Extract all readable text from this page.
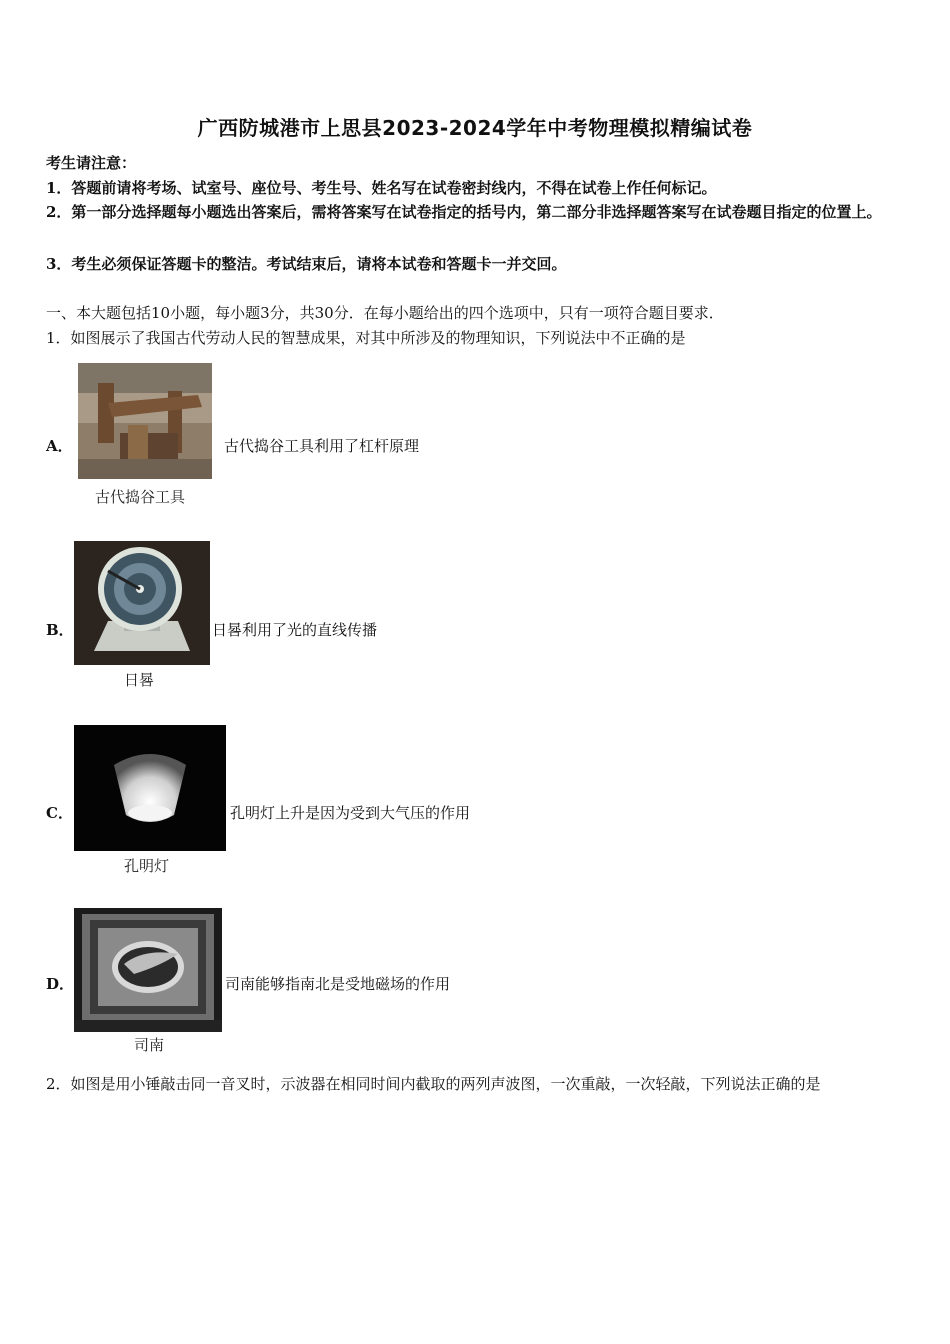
广西防城港市上思县2023-2024学年中考物理模拟精编试卷
考生请注意：
1．答题前请将考场、试室号、座位号、考生号、姓名写在试卷密封线内，不得在试卷上作任何标记。
2．第一部分选择题每小题选出答案后，需将答案写在试卷指定的括号内，第二部分非选择题答案写在试卷题目指定的位置上。
3．考生必须保证答题卡的整洁。考试结束后，请将本试卷和答题卡一并交回。
一、本大题包括10小题，每小题3分，共30分．在每小题给出的四个选项中，只有一项符合题目要求．
1．如图展示了我国古代劳动人民的智慧成果，对其中所涉及的物理知识，下列说法中不正确的是
A．
古代捣谷工具
古代捣谷工具利用了杠杆原理
B．
日晷
日晷利用了光的直线传播
C．
孔明灯
孔明灯上升是因为受到大气压的作用
D．
司南
司南能够指南北是受地磁场的作用
2．如图是用小锤敲击同一音叉时，示波器在相同时间内截取的两列声波图，一次重敲，一次轻敲，下列说法正确的是
